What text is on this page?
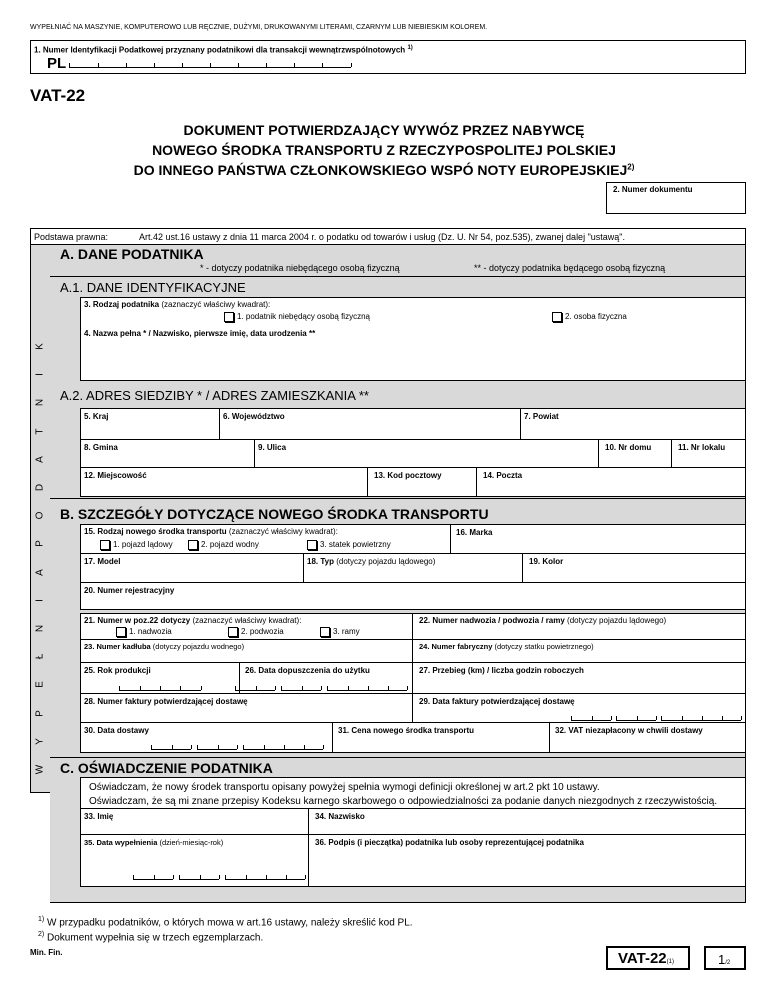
WYPEŁNIAĆ NA MASZYNIE, KOMPUTEROWO LUB RĘCZNIE, DUŻYMI, DRUKOWANYMI LITERAMI, CZARNYM LUB NIEBIESKIM KOLOREM.
1. Numer Identyfikacji Podatkowej przyznany podatnikowi dla transakcji wewnątrzwspólnotowych $^{1)}$
PL
VAT-22
DOKUMENT POTWIERDZAJĄCY WYWÓZ PRZEZ NABYWCĘ
NOWEGO ŚRODKA TRANSPORTU Z RZECZYPOSPOLITEJ POLSKIEJ
DO INNEGO PAŃSTWA CZŁONKOWSKIEGO WSPÓ NOTY EUROPEJSKIEJ$^{2)}$
2. Numer dokumentu
Podstawa prawna:	Art.42 ust.16 ustawy z dnia 11 marca 2004 r. o podatku od towarów i usług (Dz. U. Nr 54, poz.535), zwanej dalej "ustawą".
W
Y
P
E
Ł
N
I
A
P
O
D
A
T
N
I
K
A. DANE PODATNIKA
* - dotyczy podatnika niebędącego osobą fizyczną	** - dotyczy podatnika będącego osobą fizyczną
A.1. DANE IDENTYFIKACYJNE
3. Rodzaj podatnika (zaznaczyć właściwy kwadrat):
1. podatnik niebędący osobą fizyczną	2. osoba fizyczna
4. Nazwa pełna * / Nazwisko, pierwsze imię, data urodzenia **
A.2. ADRES SIEDZIBY * / ADRES ZAMIESZKANIA **
5. Kraj	6. Województwo	7. Powiat
8. Gmina	9. Ulica	10. Nr domu	11. Nr lokalu
12. Miejscowość	13. Kod pocztowy	14. Poczta
B. SZCZEGÓŁY DOTYCZĄCE NOWEGO ŚRODKA TRANSPORTU
15. Rodzaj nowego środka transportu (zaznaczyć właściwy kwadrat):
1. pojazd lądowy	2. pojazd wodny	3. statek powietrzny
16. Marka
17. Model	18. Typ (dotyczy pojazdu lądowego)	19. Kolor
20. Numer rejestracyjny
21. Numer w poz.22 dotyczy (zaznaczyć właściwy kwadrat):
1. nadwozia	2. podwozia	3. ramy
22. Numer nadwozia / podwozia / ramy (dotyczy pojazdu lądowego)
23. Numer kadłuba (dotyczy pojazdu wodnego)	24. Numer fabryczny (dotyczy statku powietrznego)
25. Rok produkcji	26. Data dopuszczenia do użytku	27. Przebieg (km) / liczba godzin roboczych
28. Numer faktury potwierdzającej dostawę	29. Data faktury potwierdzającej dostawę
30. Data dostawy	31. Cena nowego środka transportu	32. VAT niezapłacony w chwili dostawy
C. OŚWIADCZENIE PODATNIKA
Oświadczam, że nowy środek transportu opisany powyżej spełnia wymogi definicji określonej w art.2 pkt 10 ustawy.
Oświadczam, że są mi znane przepisy Kodeksu karnego skarbowego o odpowiedzialności za podanie danych niezgodnych z rzeczywistością.
33. Imię	34. Nazwisko
35. Data wypełnienia (dzień-miesiąc-rok)	36. Podpis (i pieczątka) podatnika lub osoby reprezentującej podatnika
$^{1)}$ W przypadku podatników, o których mowa w art.16 ustawy, należy skreślić kod PL.
$^{2)}$ Dokument wypełnia się w trzech egzemplarzach.
Min. Fin.	VAT-22(1)	1/2
